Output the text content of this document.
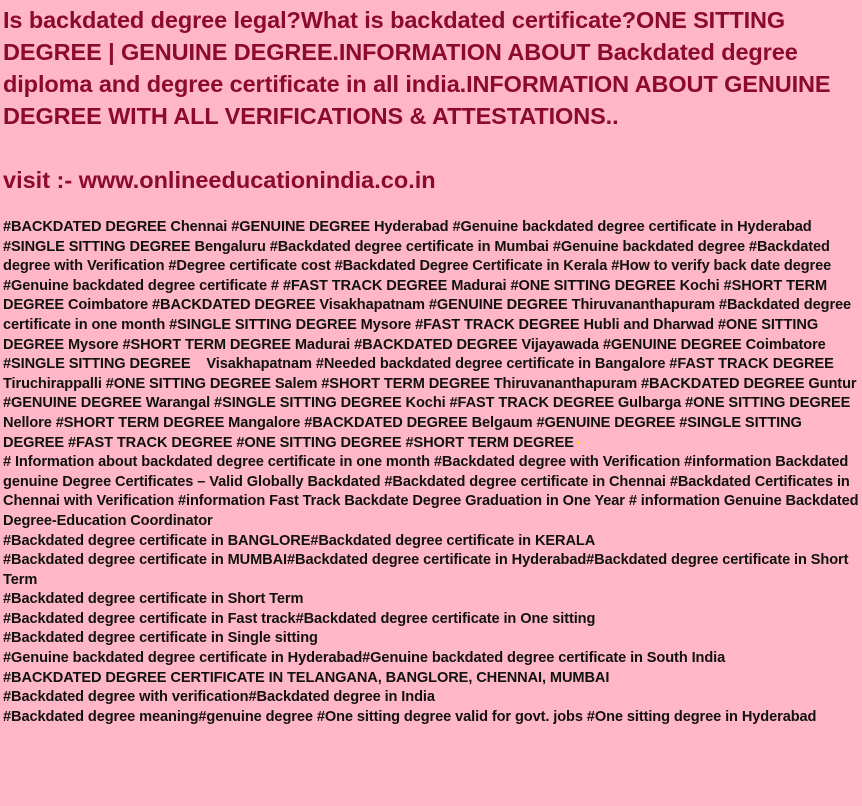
Is backdated degree legal?What is backdated certificate?ONE SITTING DEGREE | GENUINE DEGREE.INFORMATION ABOUT Backdated degree diploma and degree certificate in all india.INFORMATION ABOUT GENUINE DEGREE WITH ALL VERIFICATIONS & ATTESTATIONS..
visit :- www.onlineeducationindia.co.in

#BACKDATED DEGREE Chennai #GENUINE DEGREE Hyderabad #Genuine backdated degree certificate in Hyderabad #SINGLE SITTING DEGREE Bengaluru #Backdated degree certificate in Mumbai #Genuine backdated degree #Backdated degree with Verification #Degree certificate cost #Backdated Degree Certificate in Kerala #How to verify back date degree #Genuine backdated degree certificate # #FAST TRACK DEGREE Madurai #ONE SITTING DEGREE Kochi #SHORT TERM DEGREE Coimbatore #BACKDATED DEGREE Visakhapatnam #GENUINE DEGREE Thiruvananthapuram #Backdated degree certificate in one month #SINGLE SITTING DEGREE Mysore #FAST TRACK DEGREE Hubli and Dharwad #ONE SITTING DEGREE Mysore #SHORT TERM DEGREE Madurai #BACKDATED DEGREE Vijayawada #GENUINE DEGREE Coimbatore #SINGLE SITTING DEGREE    Visakhapatnam #Needed backdated degree certificate in Bangalore #FAST TRACK DEGREE Tiruchirappalli #ONE SITTING DEGREE Salem #SHORT TERM DEGREE Thiruvananthapuram #BACKDATED DEGREE Guntur #GENUINE DEGREE Warangal #SINGLE SITTING DEGREE Kochi #FAST TRACK DEGREE Gulbarga #ONE SITTING DEGREE Nellore #SHORT TERM DEGREE Mangalore #BACKDATED DEGREE Belgaum #GENUINE DEGREE #SINGLE SITTING DEGREE #FAST TRACK DEGREE #ONE SITTING DEGREE #SHORT TERM DEGREE

# Information about backdated degree certificate in one month #Backdated degree with Verification #information Backdated genuine Degree Certificates – Valid Globally Backdated #Backdated degree certificate in Chennai #Backdated Certificates in Chennai with Verification #information Fast Track Backdate Degree Graduation in One Year # information Genuine Backdated Degree-Education Coordinator

#Backdated degree certificate in BANGLORE#Backdated degree certificate in KERALA

#Backdated degree certificate in MUMBAI#Backdated degree certificate in Hyderabad#Backdated degree certificate in Short Term

#Backdated degree certificate in Short Term

#Backdated degree certificate in Fast track#Backdated degree certificate in One sitting

#Backdated degree certificate in Single sitting

#Genuine backdated degree certificate in Hyderabad#Genuine backdated degree certificate in South India

#BACKDATED DEGREE CERTIFICATE IN TELANGANA, BANGLORE, CHENNAI, MUMBAI

#Backdated degree with verification#Backdated degree in India

#Backdated degree meaning#genuine degree #One sitting degree valid for govt. jobs #One sitting degree in Hyderabad
